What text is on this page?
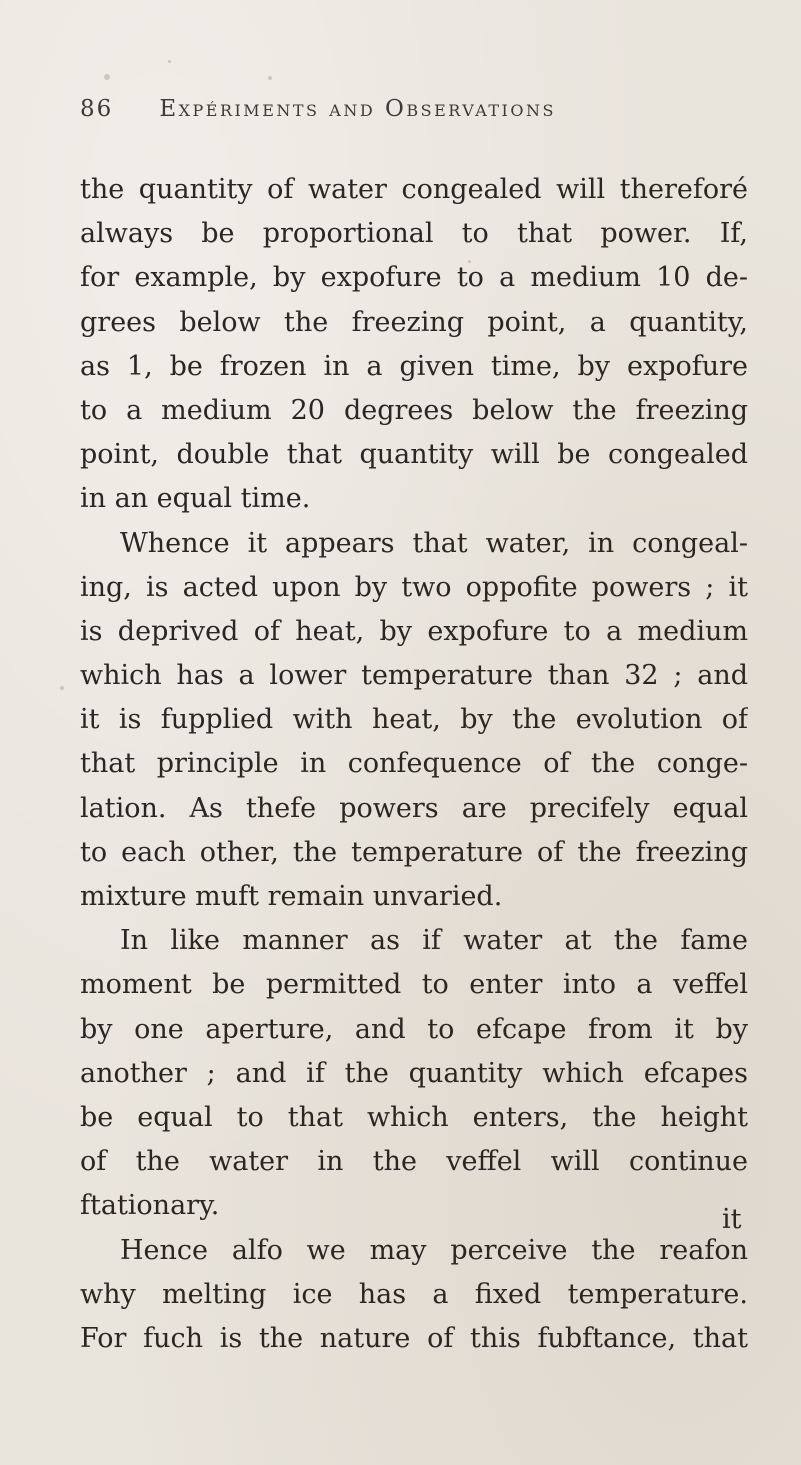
86 Expériments and Observations
the quantity of water congealed will thereforé
always be proportional to that power. If,
for example, by expofure to a medium 10 de-
grees below the freezing point, a quantity,
as 1, be frozen in a given time, by expofure
to a medium 20 degrees below the freezing
point, double that quantity will be congealed
in an equal time.
Whence it appears that water, in congeal-
ing, is acted upon by two oppofite powers ; it
is deprived of heat, by expofure to a medium
which has a lower temperature than 32 ; and
it is fupplied with heat, by the evolution of
that principle in confequence of the conge-
lation. As thefe powers are precifely equal
to each other, the temperature of the freezing
mixture muft remain unvaried.
In like manner as if water at the fame
moment be permitted to enter into a veffel
by one aperture, and to efcape from it by
another ; and if the quantity which efcapes
be equal to that which enters, the height
of the water in the veffel will continue
ftationary.
Hence alfo we may perceive the reafon
why melting ice has a fixed temperature.
For fuch is the nature of this fubftance, that
it
